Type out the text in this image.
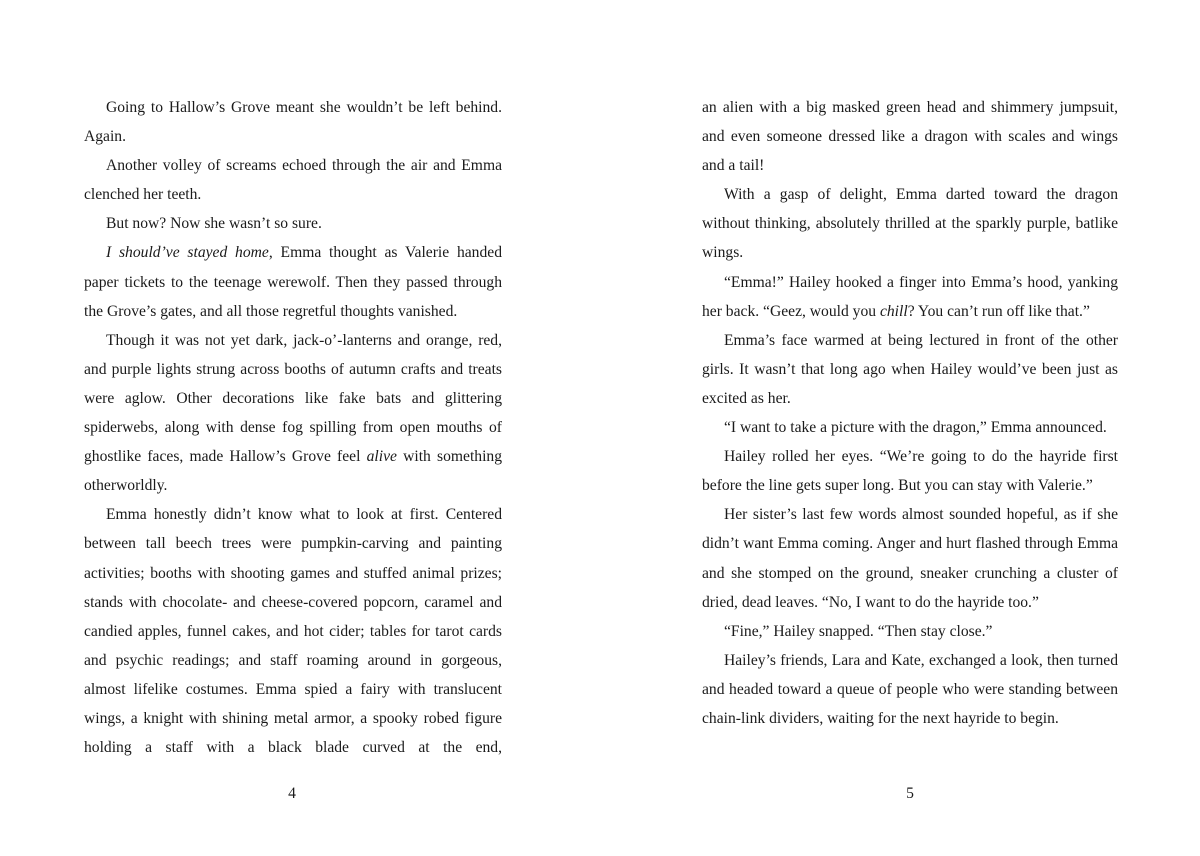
Going to Hallow’s Grove meant she wouldn’t be left behind. Again.

Another volley of screams echoed through the air and Emma clenched her teeth.

But now? Now she wasn’t so sure.

I should’ve stayed home, Emma thought as Valerie handed paper tickets to the teenage werewolf. Then they passed through the Grove’s gates, and all those regretful thoughts vanished.

Though it was not yet dark, jack-o’-lanterns and orange, red, and purple lights strung across booths of autumn crafts and treats were aglow. Other decorations like fake bats and glittering spiderwebs, along with dense fog spilling from open mouths of ghostlike faces, made Hallow’s Grove feel alive with something otherworldly.

Emma honestly didn’t know what to look at first. Centered between tall beech trees were pumpkin-carving and painting activities; booths with shooting games and stuffed animal prizes; stands with chocolate- and cheese-covered popcorn, caramel and candied apples, funnel cakes, and hot cider; tables for tarot cards and psychic readings; and staff roaming around in gorgeous, almost lifelike costumes. Emma spied a fairy with translucent wings, a knight with shining metal armor, a spooky robed figure holding a staff with a black blade curved at the end,

an alien with a big masked green head and shimmery jumpsuit, and even someone dressed like a dragon with scales and wings and a tail!

With a gasp of delight, Emma darted toward the dragon without thinking, absolutely thrilled at the sparkly purple, batlike wings.

“Emma!” Hailey hooked a finger into Emma’s hood, yanking her back. “Geez, would you chill? You can’t run off like that.”

Emma’s face warmed at being lectured in front of the other girls. It wasn’t that long ago when Hailey would’ve been just as excited as her.

“I want to take a picture with the dragon,” Emma announced.

Hailey rolled her eyes. “We’re going to do the hayride first before the line gets super long. But you can stay with Valerie.”

Her sister’s last few words almost sounded hopeful, as if she didn’t want Emma coming. Anger and hurt flashed through Emma and she stomped on the ground, sneaker crunching a cluster of dried, dead leaves. “No, I want to do the hayride too.”

“Fine,” Hailey snapped. “Then stay close.”

Hailey’s friends, Lara and Kate, exchanged a look, then turned and headed toward a queue of people who were standing between chain-link dividers, waiting for the next hayride to begin.

4	5
